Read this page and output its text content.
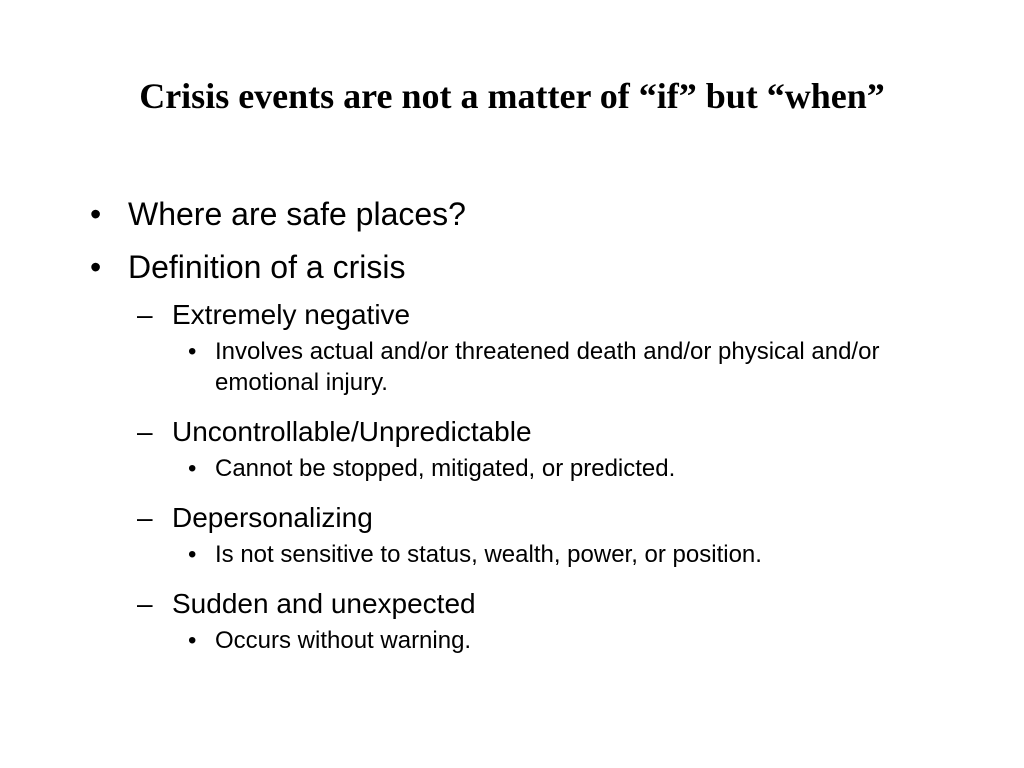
Crisis events are not a matter of “if” but “when”
• Where are safe places?
• Definition of a crisis
– Extremely negative
• Involves actual and/or threatened death and/or physical and/or emotional injury.
– Uncontrollable/Unpredictable
• Cannot be stopped, mitigated, or predicted.
– Depersonalizing
• Is not sensitive to status, wealth, power, or position.
– Sudden and unexpected
• Occurs without warning.
